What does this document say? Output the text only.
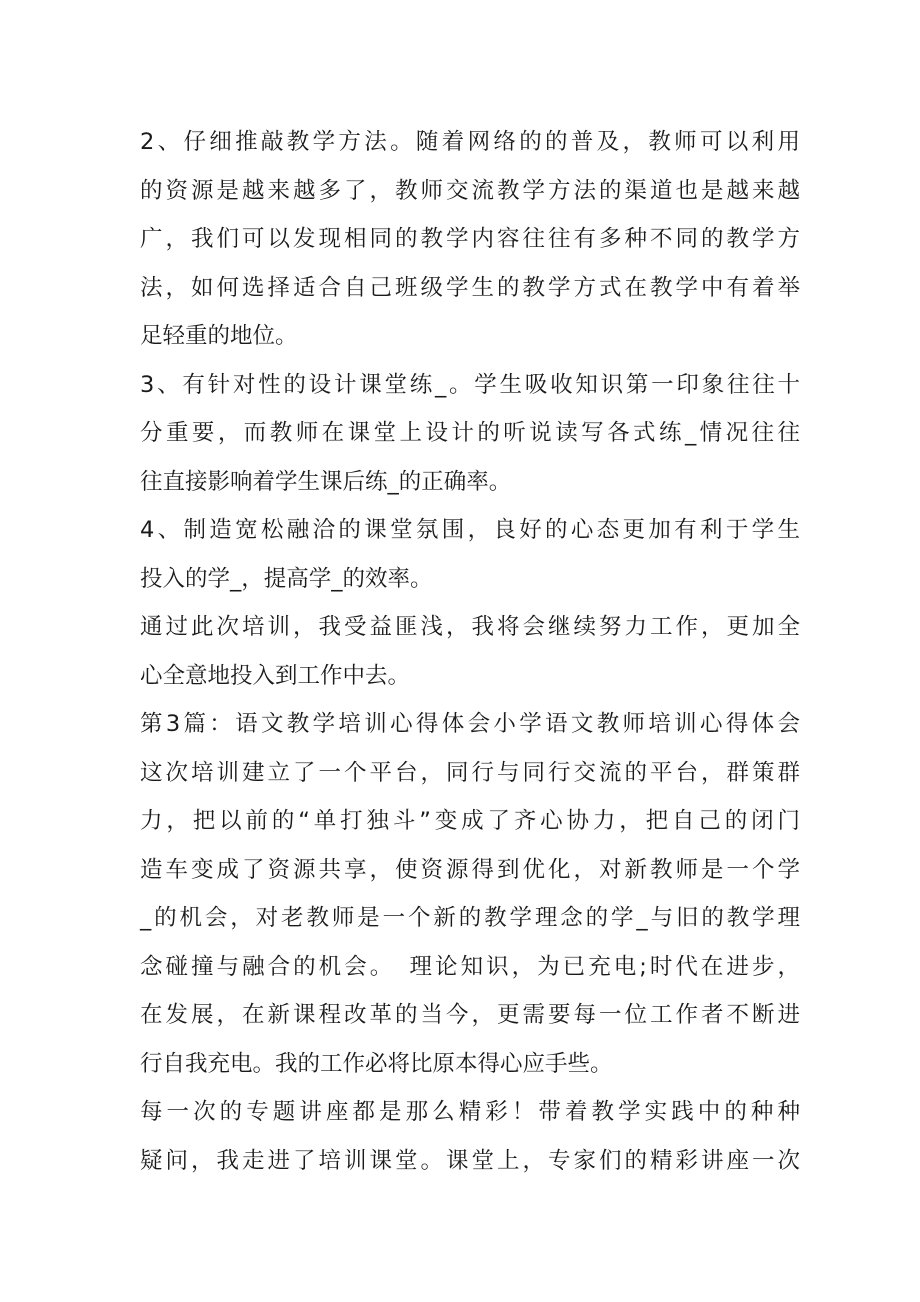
2、仔细推敲教学方法。随着网络的的普及，教师可以利用
的资源是越来越多了，教师交流教学方法的渠道也是越来越
广，我们可以发现相同的教学内容往往有多种不同的教学方
法，如何选择适合自己班级学生的教学方式在教学中有着举
足轻重的地位。
3、有针对性的设计课堂练_。学生吸收知识第一印象往往十
分重要，而教师在课堂上设计的听说读写各式练_情况往往
往直接影响着学生课后练_的正确率。
4、制造宽松融洽的课堂氛围，良好的心态更加有利于学生
投入的学_，提高学_的效率。
通过此次培训，我受益匪浅，我将会继续努力工作，更加全
心全意地投入到工作中去。
第3篇：语文教学培训心得体会小学语文教师培训心得体会
这次培训建立了一个平台，同行与同行交流的平台，群策群
力，把以前的“单打独斗”变成了齐心协力，把自己的闭门
造车变成了资源共享，使资源得到优化，对新教师是一个学
_的机会，对老教师是一个新的教学理念的学_与旧的教学理
念碰撞与融合的机会。　理论知识，为已充电;时代在进步，
在发展，在新课程改革的当今，更需要每一位工作者不断进
行自我充电。我的工作必将比原本得心应手些。
每一次的专题讲座都是那么精彩！带着教学实践中的种种
疑问，我走进了培训课堂。课堂上，专家们的精彩讲座一次
